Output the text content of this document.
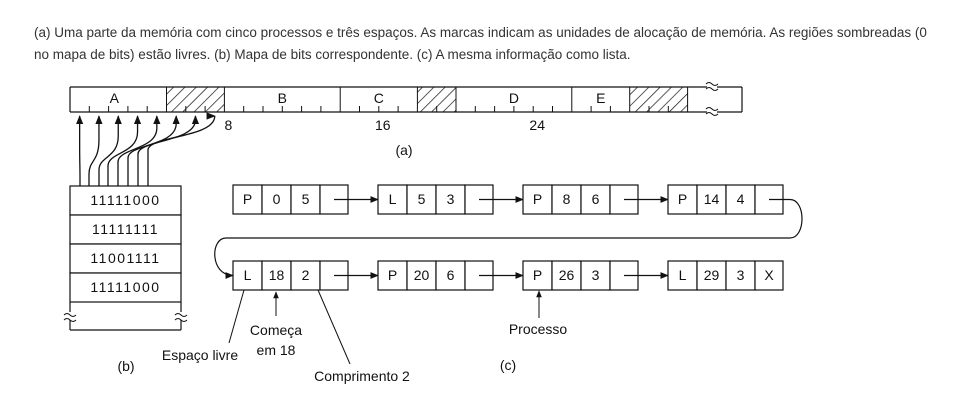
(a) Uma parte da memória com cinco processos e três espaços. As marcas indicam as unidades de alocação de memória. As regiões sombreadas (0 no mapa de bits) estão livres. (b) Mapa de bits correspondente. (c) A mesma informação como lista.
A	B	C	D	E
8	16	24
11111000
11111111
11001111
11111000
P 0 5	L 5 3	P 8 6	P 14 4
L 18 2	P 20 6	P 26 3	L 29 3 X
(a)
(b)	(c)
Espaço livre
Começa
em 18
Comprimento 2
Processo
